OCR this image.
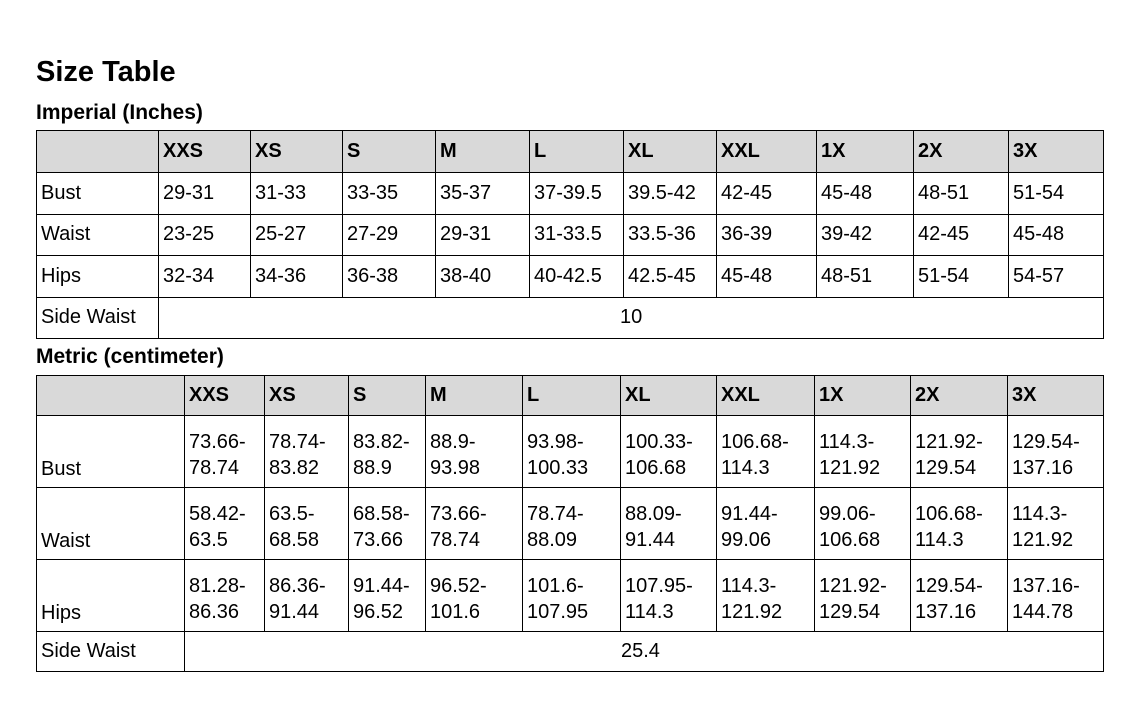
Size Table
Imperial (Inches)
	XXS	XS	S	M	L	XL	XXL	1X	2X	3X
Bust	29-31	31-33	33-35	35-37	37-39.5	39.5-42	42-45	45-48	48-51	51-54
Waist	23-25	25-27	27-29	29-31	31-33.5	33.5-36	36-39	39-42	42-45	45-48
Hips	32-34	34-36	36-38	38-40	40-42.5	42.5-45	45-48	48-51	51-54	54-57
Side Waist	10									
Metric (centimeter)
	XXS	XS	S	M	L	XL	XXL	1X	2X	3X
Bust	73.66-78.74	78.74-83.82	83.82-88.9	88.9-93.98	93.98-100.33	100.33-106.68	106.68-114.3	114.3-121.92	121.92-129.54	129.54-137.16
Waist	58.42-63.5	63.5-68.58	68.58-73.66	73.66-78.74	78.74-88.09	88.09-91.44	91.44-99.06	99.06-106.68	106.68-114.3	114.3-121.92
Hips	81.28-86.36	86.36-91.44	91.44-96.52	96.52-101.6	101.6-107.95	107.95-114.3	114.3-121.92	121.92-129.54	129.54-137.16	137.16-144.78
Side Waist	25.4									
